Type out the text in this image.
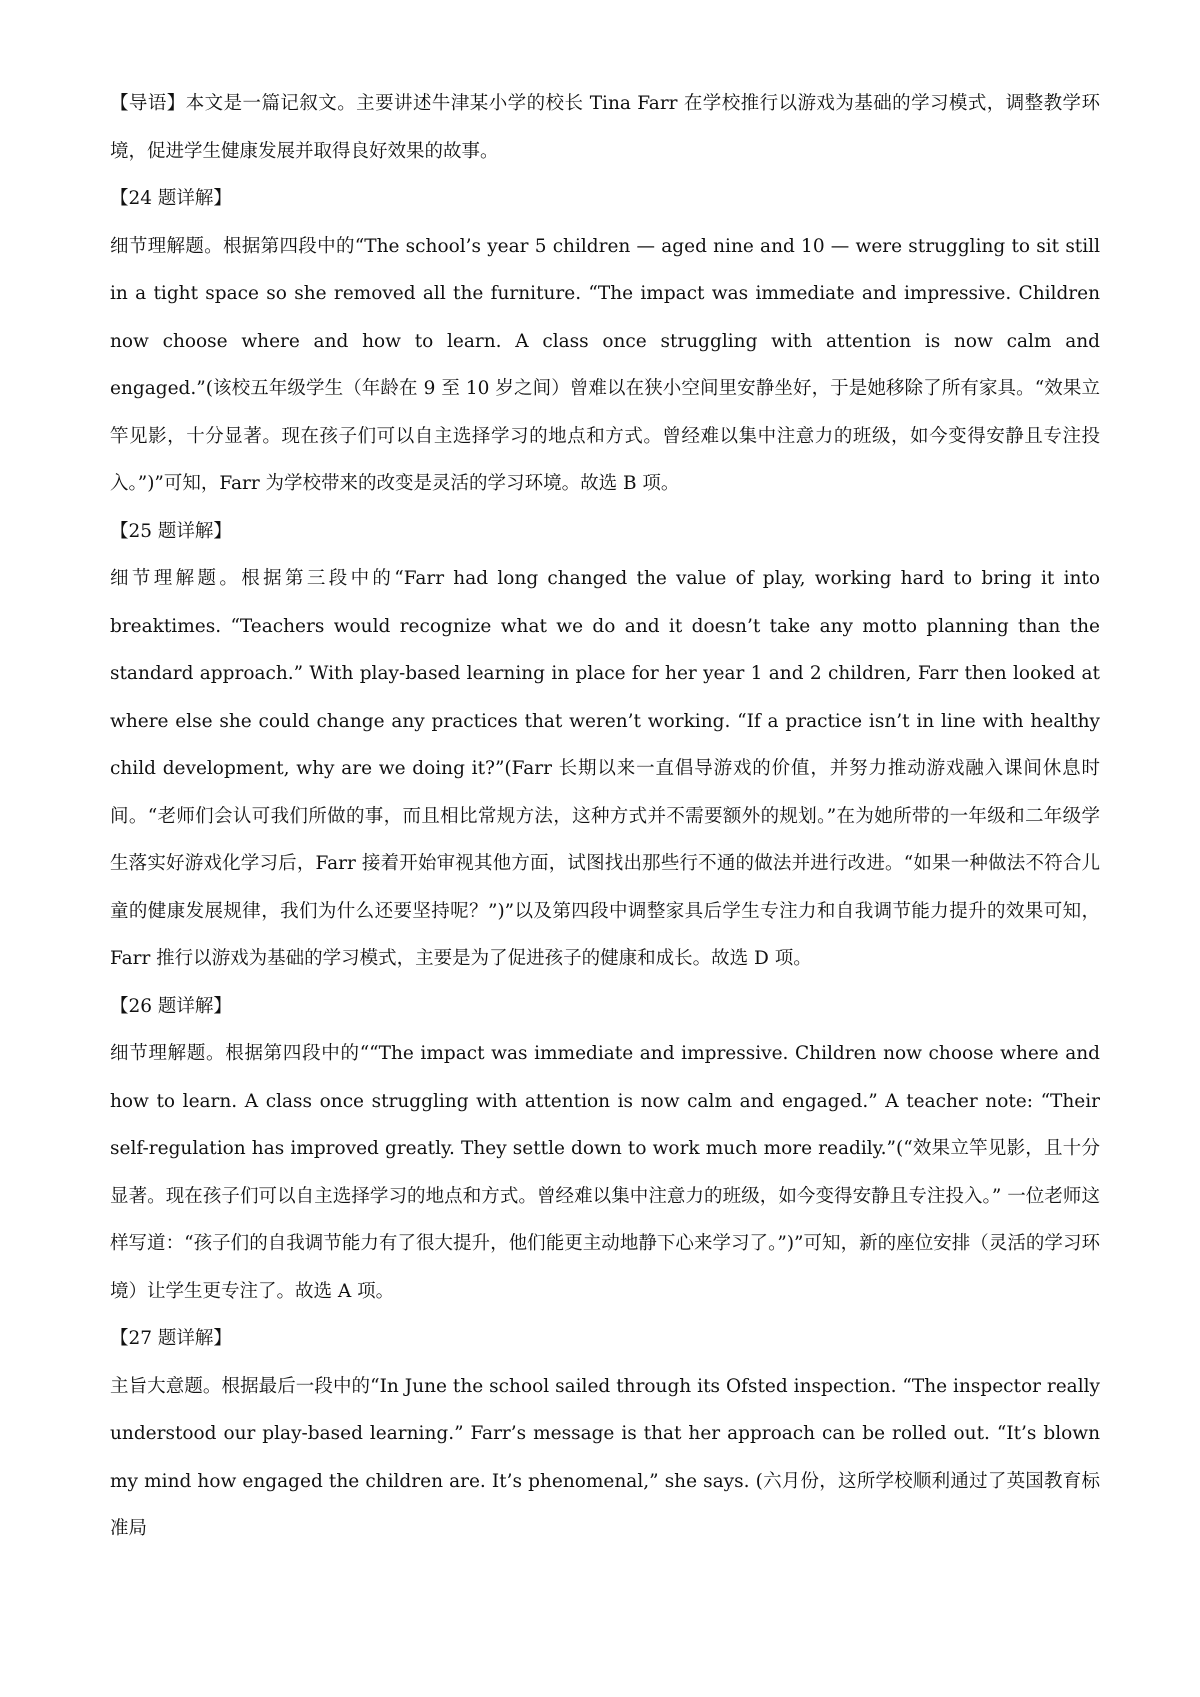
【导语】本文是一篇记叙文。主要讲述牛津某小学的校长 Tina Farr 在学校推行以游戏为基础的学习模式，调整教学环境，促进学生健康发展并取得良好效果的故事。

【24 题详解】

细节理解题。根据第四段中的“The school’s year 5 children — aged nine and 10 — were struggling to sit still in a tight space so she removed all the furniture. “The impact was immediate and impressive. Children now choose where and how to learn. A class once struggling with attention is now calm and engaged.”(该校五年级学生（年龄在 9 至 10 岁之间）曾难以在狭小空间里安静坐好，于是她移除了所有家具。“效果立竿见影，十分显著。现在孩子们可以自主选择学习的地点和方式。曾经难以集中注意力的班级，如今变得安静且专注投入。”)”可知，Farr 为学校带来的改变是灵活的学习环境。故选 B 项。

【25 题详解】

细节理解题。根据第三段中的“Farr had long changed the value of play, working hard to bring it into breaktimes. “Teachers would recognize what we do and it doesn’t take any motto planning than the standard approach.” With play-based learning in place for her year 1 and 2 children, Farr then looked at where else she could change any practices that weren’t working. “If a practice isn’t in line with healthy child development, why are we doing it?”(Farr 长期以来一直倡导游戏的价值，并努力推动游戏融入课间休息时间。“老师们会认可我们所做的事，而且相比常规方法，这种方式并不需要额外的规划。”在为她所带的一年级和二年级学生落实好游戏化学习后，Farr 接着开始审视其他方面，试图找出那些行不通的做法并进行改进。“如果一种做法不符合儿童的健康发展规律，我们为什么还要坚持呢？”)”以及第四段中调整家具后学生专注力和自我调节能力提升的效果可知，Farr 推行以游戏为基础的学习模式，主要是为了促进孩子的健康和成长。故选 D 项。

【26 题详解】

细节理解题。根据第四段中的““The impact was immediate and impressive. Children now choose where and how to learn. A class once struggling with attention is now calm and engaged.” A teacher note: “Their self-regulation has improved greatly. They settle down to work much more readily.”(“效果立竿见影，且十分显著。现在孩子们可以自主选择学习的地点和方式。曾经难以集中注意力的班级，如今变得安静且专注投入。” 一位老师这样写道：“孩子们的自我调节能力有了很大提升，他们能更主动地静下心来学习了。”)”可知，新的座位安排（灵活的学习环境）让学生更专注了。故选 A 项。

【27 题详解】

主旨大意题。根据最后一段中的“In June the school sailed through its Ofsted inspection. “The inspector really understood our play-based learning.” Farr’s message is that her approach can be rolled out. “It’s blown my mind how engaged the children are. It’s phenomenal,” she says. (六月份，这所学校顺利通过了英国教育标准局
